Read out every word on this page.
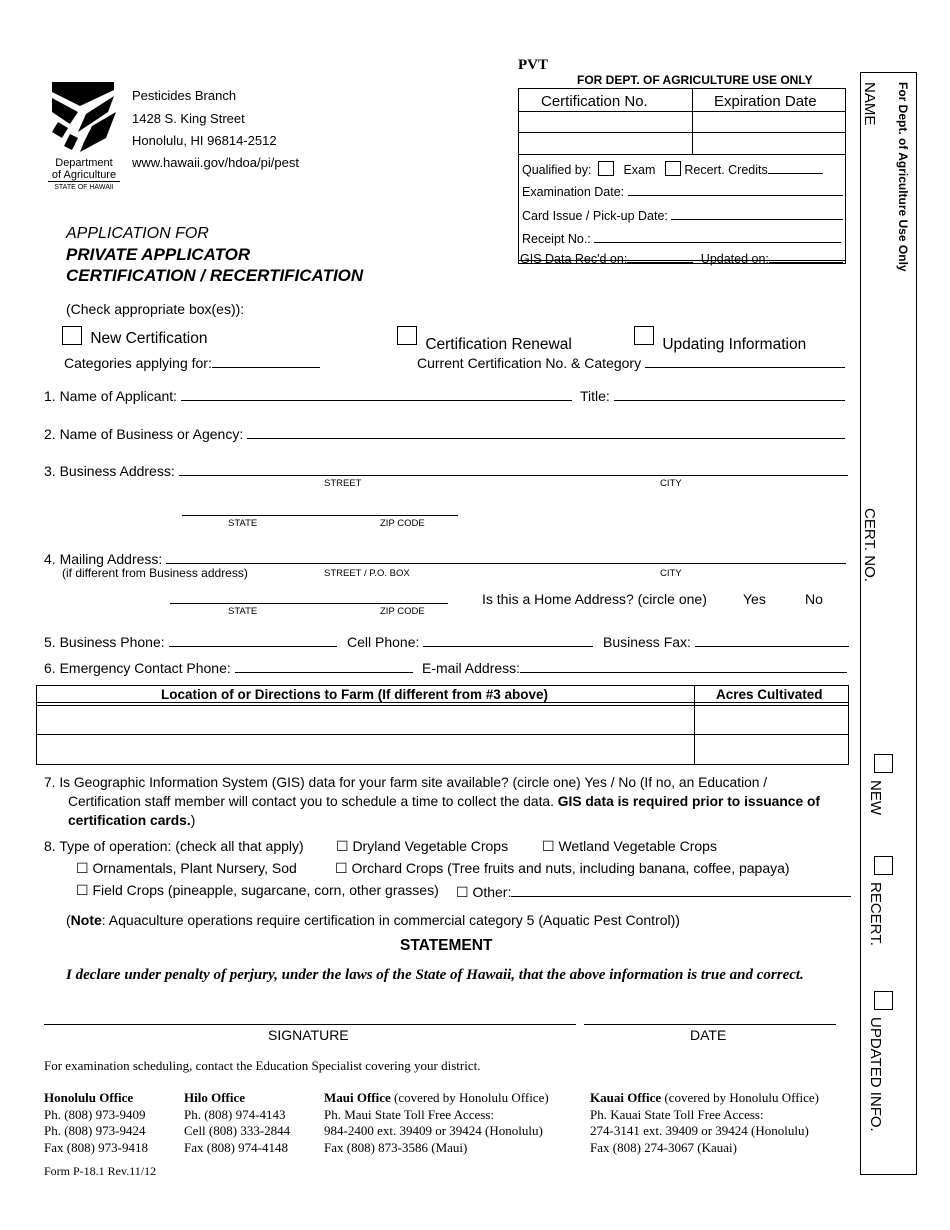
Department
of Agriculture
STATE OF HAWAII
Pesticides Branch
1428 S. King Street
Honolulu, HI 96814-2512
www.hawaii.gov/hdoa/pi/pest
APPLICATION FOR
PRIVATE APPLICATOR
CERTIFICATION / RECERTIFICATION
PVT
FOR DEPT. OF AGRICULTURE USE ONLY
Certification No.	Expiration Date
Qualified by:	Exam Recert. Credits
Examination Date:
Card Issue / Pick-up Date:
Receipt No.:
GIS Data Rec'd on:	Updated on:
NAME For Dept. of Agriculture Use Only
CERT. NO.
NEW
RECERT.
UPDATED INFO.
(Check appropriate box(es)):
New Certification	Certification Renewal	Updating Information
Categories applying for:	Current Certification No. & Category
1. Name of Applicant:	Title:
2. Name of Business or Agency:
3. Business Address:
STREET	CITY
STATE	ZIP CODE
4. Mailing Address:
(if different from Business address)	STREET / P.O. BOX	CITY
STATE	ZIP CODE
Is this a Home Address? (circle one)	Yes	No
5. Business Phone:	Cell Phone:	Business Fax:
6. Emergency Contact Phone:	E-mail Address:
Location of or Directions to Farm (If different from #3 above)	Acres Cultivated
7. Is Geographic Information System (GIS) data for your farm site available? (circle one) Yes / No (If no, an Education /
Certification staff member will contact you to schedule a time to collect the data. GIS data is required prior to issuance of
certification cards.)
8. Type of operation: (check all that apply) ☐ Dryland Vegetable Crops ☐ Wetland Vegetable Crops
☐ Ornamentals, Plant Nursery, Sod	☐ Orchard Crops (Tree fruits and nuts, including banana, coffee, papaya)
☐ Field Crops (pineapple, sugarcane, corn, other grasses) ☐ Other:
(Note: Aquaculture operations require certification in commercial category 5 (Aquatic Pest Control))
STATEMENT
I declare under penalty of perjury, under the laws of the State of Hawaii, that the above information is true and correct.
SIGNATURE	DATE
For examination scheduling, contact the Education Specialist covering your district.
Honolulu Office
Ph. (808) 973-9409
Ph. (808) 973-9424
Fax (808) 973-9418
Hilo Office
Ph. (808) 974-4143
Cell (808) 333-2844
Fax (808) 974-4148
Maui Office (covered by Honolulu Office)
Ph. Maui State Toll Free Access:
984-2400 ext. 39409 or 39424 (Honolulu)
Fax (808) 873-3586 (Maui)
Kauai Office (covered by Honolulu Office)
Ph. Kauai State Toll Free Access:
274-3141 ext. 39409 or 39424 (Honolulu)
Fax (808) 274-3067 (Kauai)
Form P-18.1 Rev.11/12
